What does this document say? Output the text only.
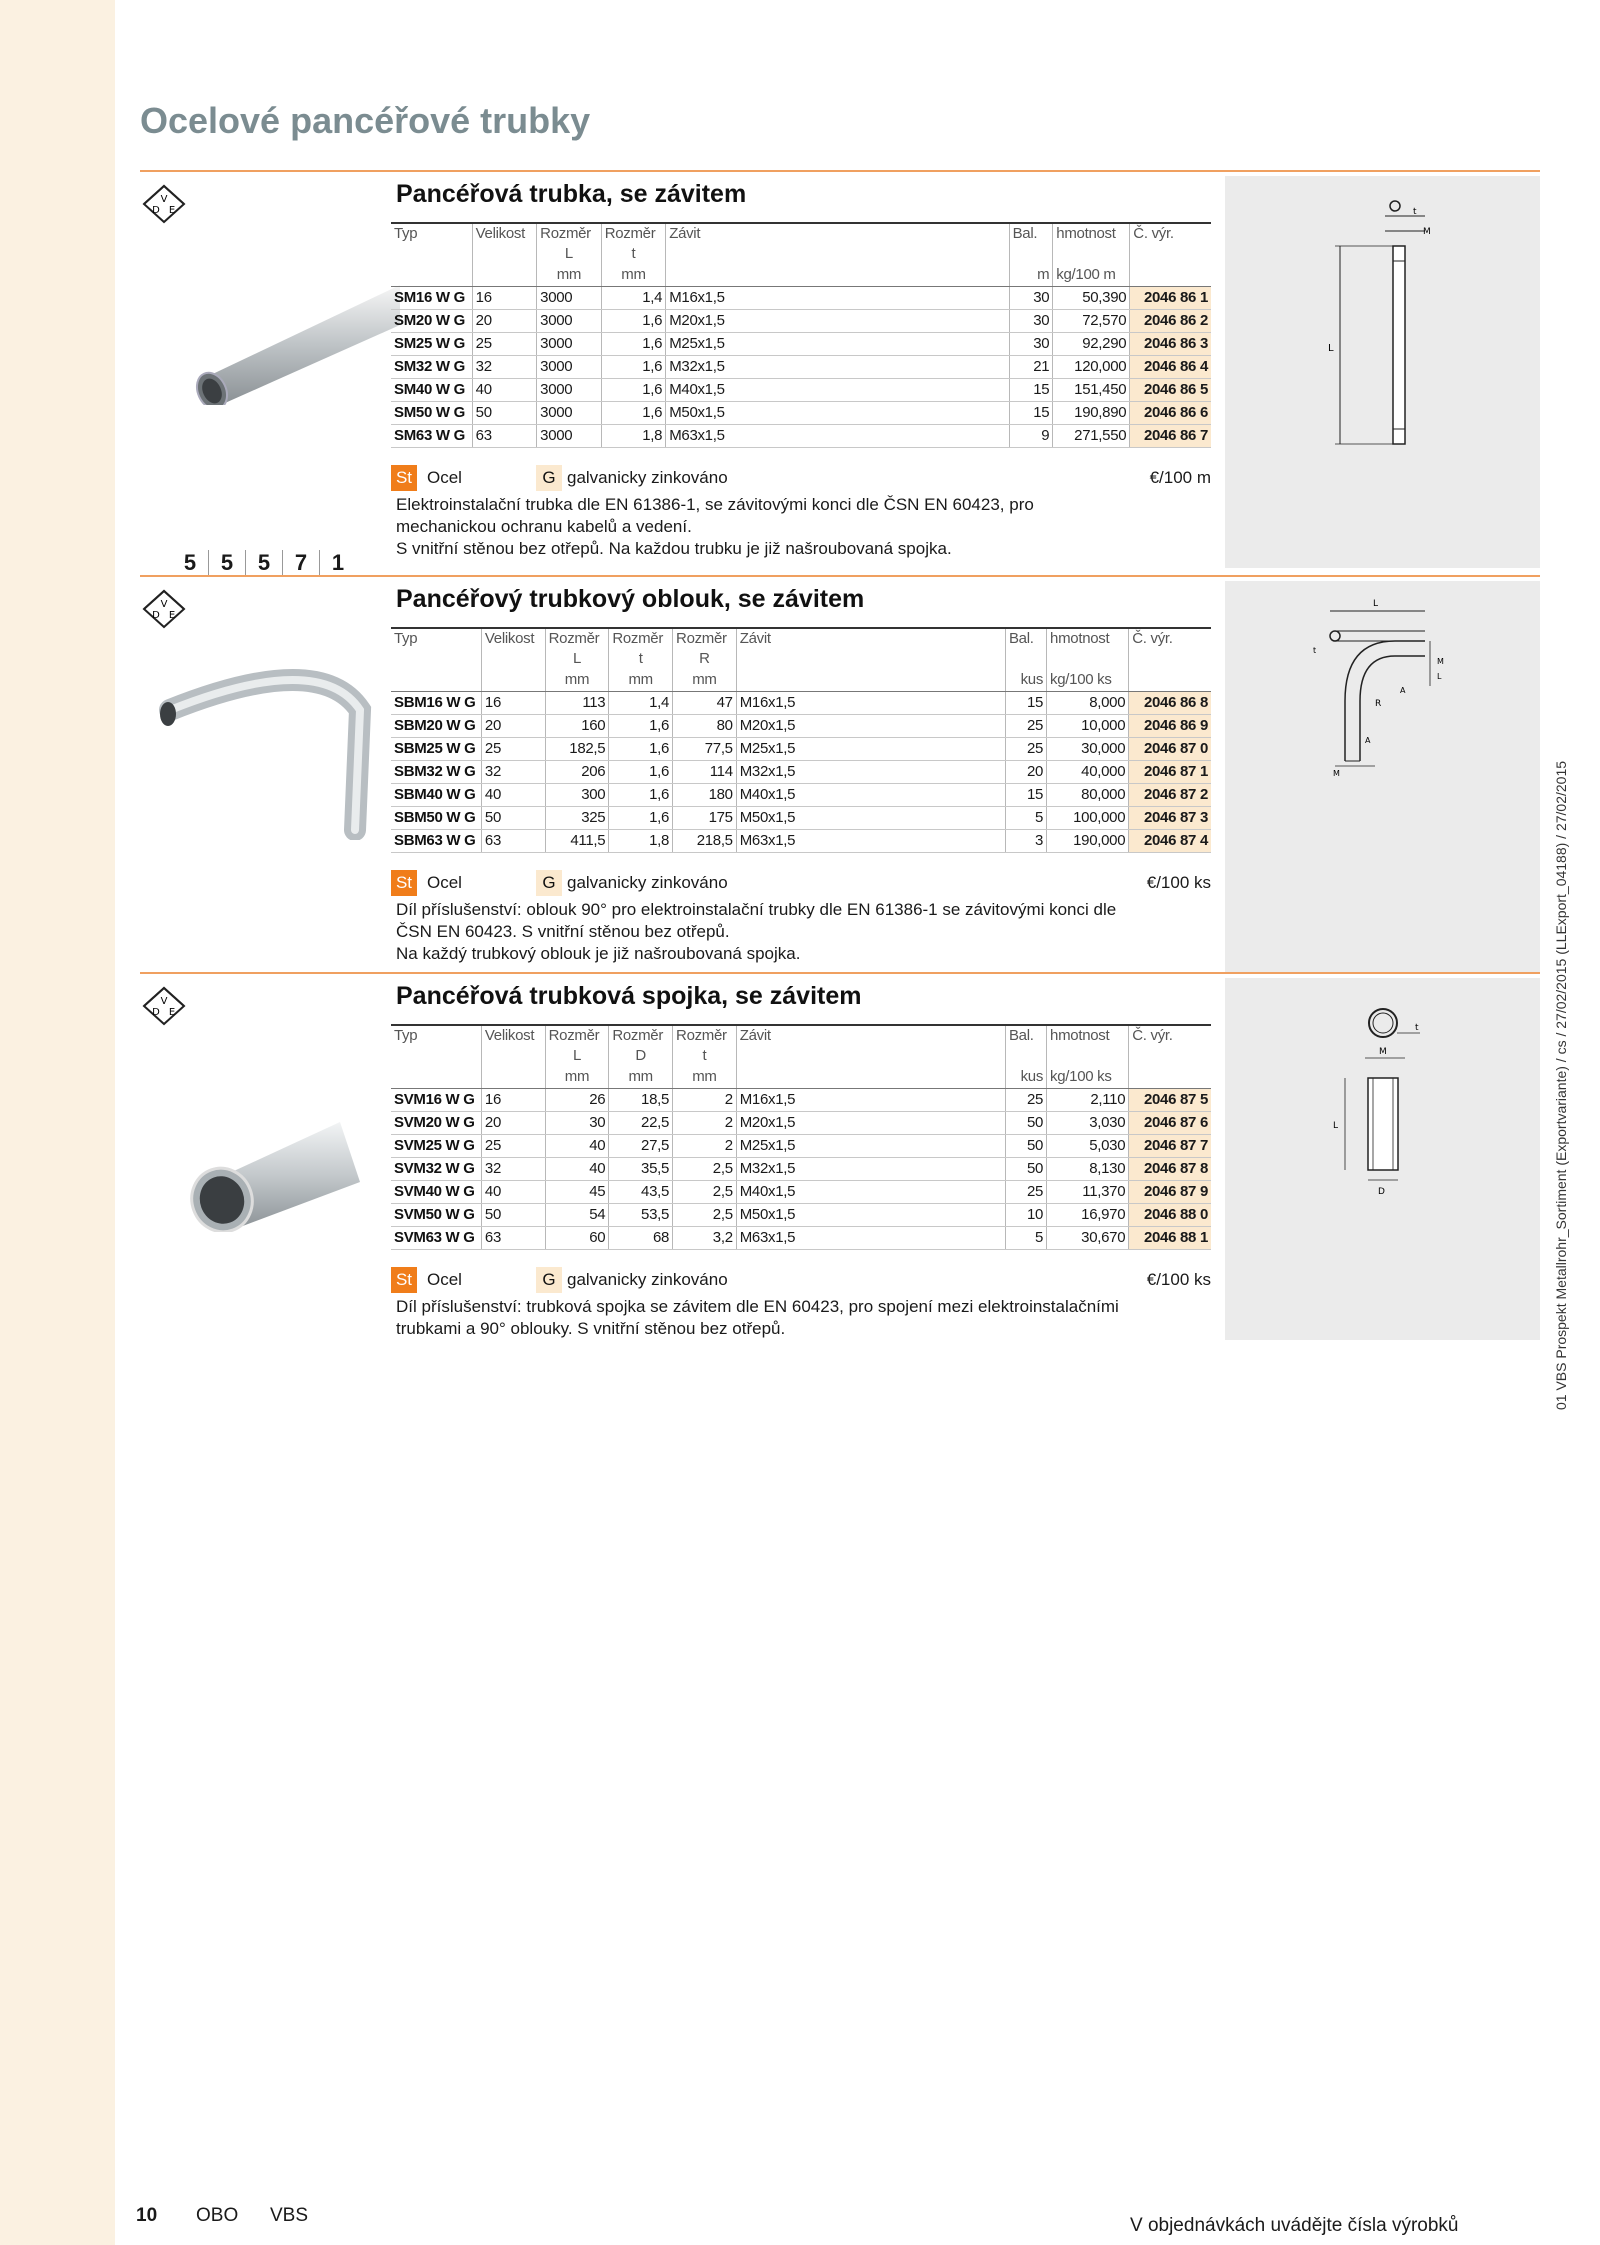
Ocelové pancéřové trubky
V
D E
Pancéřová trubka, se závitem
Typ	Velikost	Rozměr	Rozměr	Závit	Bal.	hmotnost	Č. výr.
		L	t				
		mm	mm		m	kg/100 m	
SM16 W G	16	3000	1,4	M16x1,5	30	50,390	2046 86 1
SM20 W G	20	3000	1,6	M20x1,5	30	72,570	2046 86 2
SM25 W G	25	3000	1,6	M25x1,5	30	92,290	2046 86 3
SM32 W G	32	3000	1,6	M32x1,5	21	120,000	2046 86 4
SM40 W G	40	3000	1,6	M40x1,5	15	151,450	2046 86 5
SM50 W G	50	3000	1,6	M50x1,5	15	190,890	2046 86 6
SM63 W G	63	3000	1,8	M63x1,5	9	271,550	2046 86 7
St Ocel	G galvanicky zinkováno	€/100 m
Elektroinstalační trubka dle EN 61386-1, se závitovými konci dle ČSN EN 60423, pro
mechanickou ochranu kabelů a vedení.
S vnitřní stěnou bez otřepů. Na každou trubku je již našroubovaná spojka.
t
M
L
5	5	5	7	1
V
D E
Pancéřový trubkový oblouk, se závitem
Typ	Velikost	Rozměr	Rozměr	Rozměr	Závit	Bal.	hmotnost	Č. výr.
		L	t	R				
		mm	mm	mm		kus	kg/100 ks	
SBM16 W G	16	113	1,4	47	M16x1,5	15	8,000	2046 86 8
SBM20 W G	20	160	1,6	80	M20x1,5	25	10,000	2046 86 9
SBM25 W G	25	182,5	1,6	77,5	M25x1,5	25	30,000	2046 87 0
SBM32 W G	32	206	1,6	114	M32x1,5	20	40,000	2046 87 1
SBM40 W G	40	300	1,6	180	M40x1,5	15	80,000	2046 87 2
SBM50 W G	50	325	1,6	175	M50x1,5	5	100,000	2046 87 3
SBM63 W G	63	411,5	1,8	218,5	M63x1,5	3	190,000	2046 87 4
St Ocel	G galvanicky zinkováno	€/100 ks
Díl příslušenství: oblouk 90° pro elektroinstalační trubky dle EN 61386-1 se závitovými konci dle
ČSN EN 60423. S vnitřní stěnou bez otřepů.
Na každý trubkový oblouk je již našroubovaná spojka.
L
R
A
M
t
A
L
M
V
D E
Pancéřová trubková spojka, se závitem
Typ	Velikost	Rozměr	Rozměr	Rozměr	Závit	Bal.	hmotnost	Č. výr.
		L	D	t				
		mm	mm	mm		kus	kg/100 ks	
SVM16 W G	16	26	18,5	2	M16x1,5	25	2,110	2046 87 5
SVM20 W G	20	30	22,5	2	M20x1,5	50	3,030	2046 87 6
SVM25 W G	25	40	27,5	2	M25x1,5	50	5,030	2046 87 7
SVM32 W G	32	40	35,5	2,5	M32x1,5	50	8,130	2046 87 8
SVM40 W G	40	45	43,5	2,5	M40x1,5	25	11,370	2046 87 9
SVM50 W G	50	54	53,5	2,5	M50x1,5	10	16,970	2046 88 0
SVM63 W G	63	60	68	3,2	M63x1,5	5	30,670	2046 88 1
St Ocel	G galvanicky zinkováno	€/100 ks
Díl příslušenství: trubková spojka se závitem dle EN 60423, pro spojení mezi elektroinstalačními
trubkami a 90° oblouky. S vnitřní stěnou bez otřepů.
t
M
L
D
10 OBO VBS	V objednávkách uvádějte čísla výrobků
01 VBS Prospekt Metallrohr_Sortiment (Exportvariante) / cs / 27/02/2015 (LLExport_04188) / 27/02/2015
